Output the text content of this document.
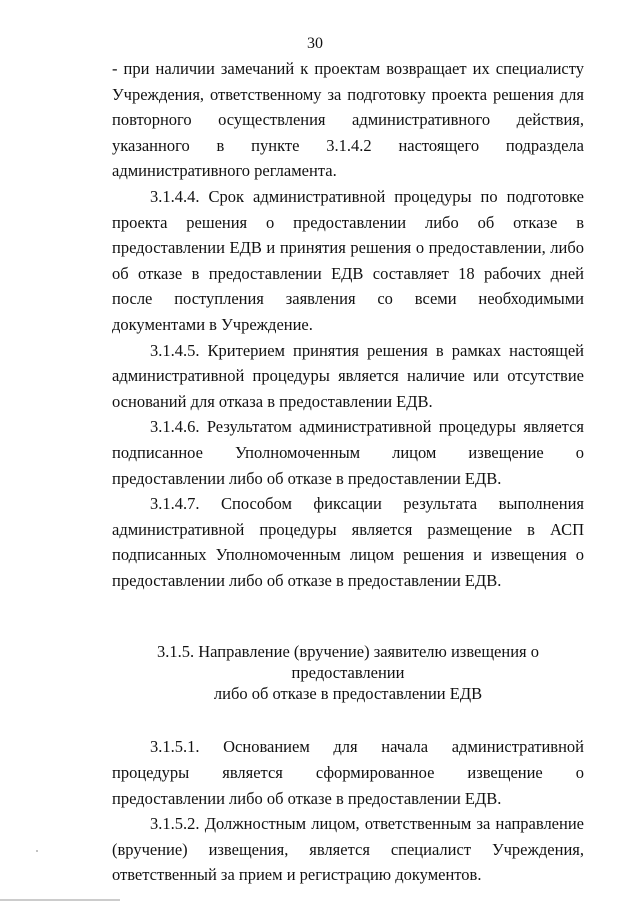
30

- при наличии замечаний к проектам возвращает их специалисту Учреждения, ответственному за подготовку проекта решения для повторного осуществления административного действия, указанного в пункте 3.1.4.2 настоящего подраздела административного регламента.

3.1.4.4. Срок административной процедуры по подготовке проекта решения о предоставлении либо об отказе в предоставлении ЕДВ и принятия решения о предоставлении, либо об отказе в предоставлении ЕДВ составляет 18 рабочих дней после поступления заявления со всеми необходимыми документами в Учреждение.

3.1.4.5. Критерием принятия решения в рамках настоящей административной процедуры является наличие или отсутствие оснований для отказа в предоставлении ЕДВ.

3.1.4.6. Результатом административной процедуры является подписанное Уполномоченным лицом извещение о предоставлении либо об отказе в предоставлении ЕДВ.

3.1.4.7. Способом фиксации результата выполнения административной процедуры является размещение в АСП подписанных Уполномоченным лицом решения и извещения о предоставлении либо об отказе в предоставлении ЕДВ.

3.1.5. Направление (вручение) заявителю извещения о предоставлении
либо об отказе в предоставлении ЕДВ

3.1.5.1. Основанием для начала административной процедуры является сформированное извещение о предоставлении либо об отказе в предоставлении ЕДВ.

3.1.5.2. Должностным лицом, ответственным за направление (вручение) извещения, является специалист Учреждения, ответственный за прием и регистрацию документов.
